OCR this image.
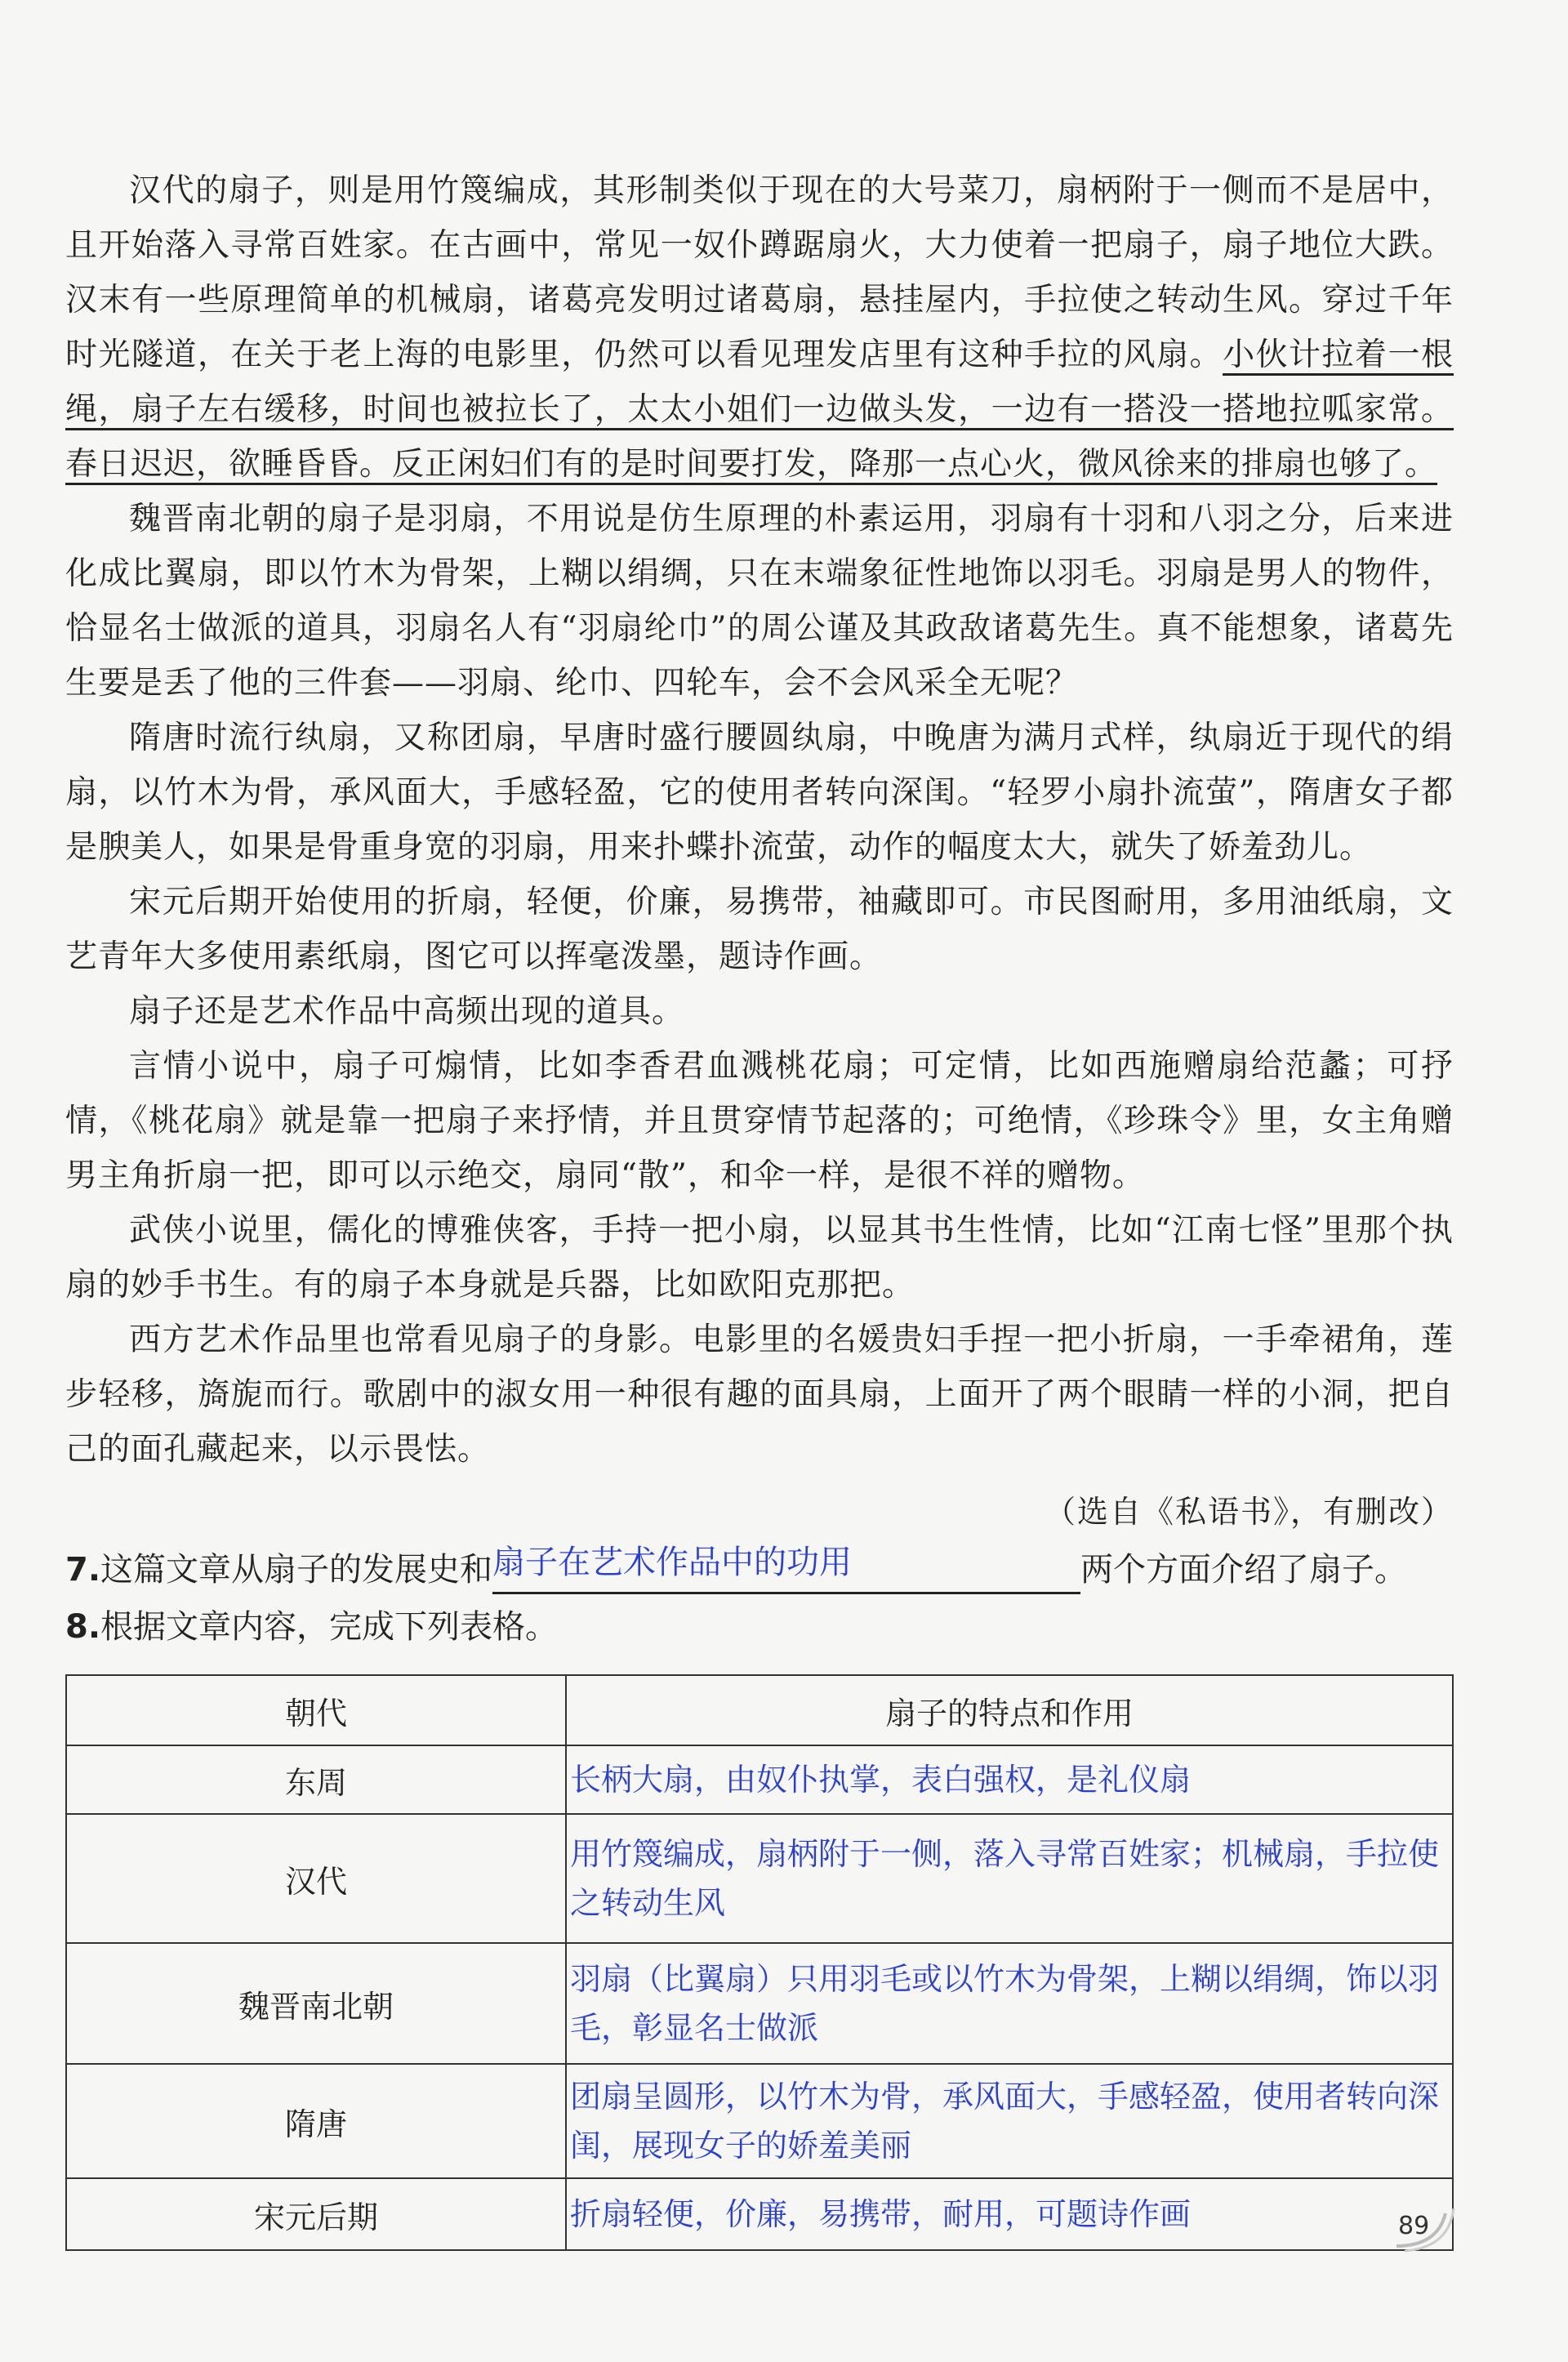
汉代的扇子，则是用竹篾编成，其形制类似于现在的大号菜刀，扇柄附于一侧而不是居中，且开始落入寻常百姓家。在古画中，常见一奴仆蹲踞扇火，大力使着一把扇子，扇子地位大跌。汉末有一些原理简单的机械扇，诸葛亮发明过诸葛扇，悬挂屋内，手拉使之转动生风。穿过千年时光隧道，在关于老上海的电影里，仍然可以看见理发店里有这种手拉的风扇。小伙计拉着一根绳，扇子左右缓移，时间也被拉长了，太太小姐们一边做头发，一边有一搭没一搭地拉呱家常。春日迟迟，欲睡昏昏。反正闲妇们有的是时间要打发，降那一点心火，微风徐来的排扇也够了。

魏晋南北朝的扇子是羽扇，不用说是仿生原理的朴素运用，羽扇有十羽和八羽之分，后来进化成比翼扇，即以竹木为骨架，上糊以绢绸，只在末端象征性地饰以羽毛。羽扇是男人的物件，恰显名士做派的道具，羽扇名人有“羽扇纶巾”的周公谨及其政敌诸葛先生。真不能想象，诸葛先生要是丢了他的三件套——羽扇、纶巾、四轮车，会不会风采全无呢？

隋唐时流行纨扇，又称团扇，早唐时盛行腰圆纨扇，中晚唐为满月式样，纨扇近于现代的绢扇，以竹木为骨，承风面大，手感轻盈，它的使用者转向深闺。“轻罗小扇扑流萤”，隋唐女子都是腴美人，如果是骨重身宽的羽扇，用来扑蝶扑流萤，动作的幅度太大，就失了娇羞劲儿。

宋元后期开始使用的折扇，轻便，价廉，易携带，袖藏即可。市民图耐用，多用油纸扇，文艺青年大多使用素纸扇，图它可以挥毫泼墨，题诗作画。

扇子还是艺术作品中高频出现的道具。

言情小说中，扇子可煽情，比如李香君血溅桃花扇；可定情，比如西施赠扇给范蠡；可抒情，《桃花扇》就是靠一把扇子来抒情，并且贯穿情节起落的；可绝情，《珍珠令》里，女主角赠男主角折扇一把，即可以示绝交，扇同“散”，和伞一样，是很不祥的赠物。

武侠小说里，儒化的博雅侠客，手持一把小扇，以显其书生性情，比如“江南七怪”里那个执扇的妙手书生。有的扇子本身就是兵器，比如欧阳克那把。

西方艺术作品里也常看见扇子的身影。电影里的名媛贵妇手捏一把小折扇，一手牵裙角，莲步轻移，旖旎而行。歌剧中的淑女用一种很有趣的面具扇，上面开了两个眼睛一样的小洞，把自己的面孔藏起来，以示畏怯。

（选自《私语书》，有删改）
7.这篇文章从扇子的发展史和 扇子在艺术作品中的功用	两个方面介绍了扇子。
8.根据文章内容，完成下列表格。
朝代	扇子的特点和作用
东周	长柄大扇，由奴仆执掌，表白强权，是礼仪扇
汉代	用竹篾编成，扇柄附于一侧，落入寻常百姓家；机械扇，手拉使之转动生风
魏晋南北朝	羽扇（比翼扇）只用羽毛或以竹木为骨架，上糊以绢绸，饰以羽毛，彰显名士做派
隋唐	团扇呈圆形，以竹木为骨，承风面大，手感轻盈，使用者转向深闺，展现女子的娇羞美丽
宋元后期	折扇轻便，价廉，易携带，耐用，可题诗作画	89
